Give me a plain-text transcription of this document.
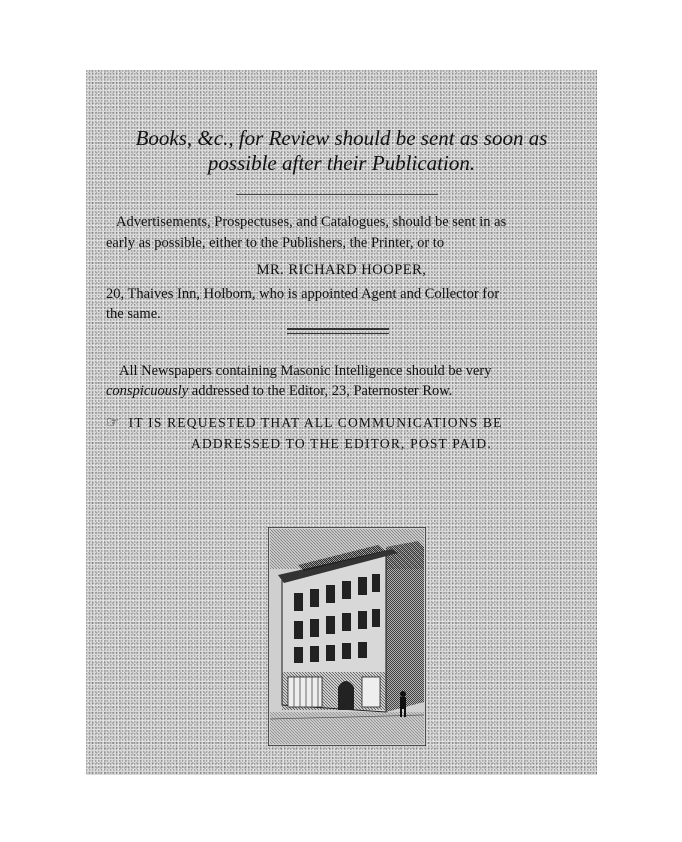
Books, &c., for Review should be sent as soon as
possible after their Publication.
Advertisements, Prospectuses, and Catalogues, should be sent in as
early as possible, either to the Publishers, the Printer, or to
MR. RICHARD HOOPER,
20, Thaives Inn, Holborn, who is appointed Agent and Collector for
the same.
All Newspapers containing Masonic Intelligence should be very
conspicuously addressed to the Editor, 23, Paternoster Row.
☞ IT IS REQUESTED THAT ALL COMMUNICATIONS BE
ADDRESSED TO THE EDITOR, POST PAID.
